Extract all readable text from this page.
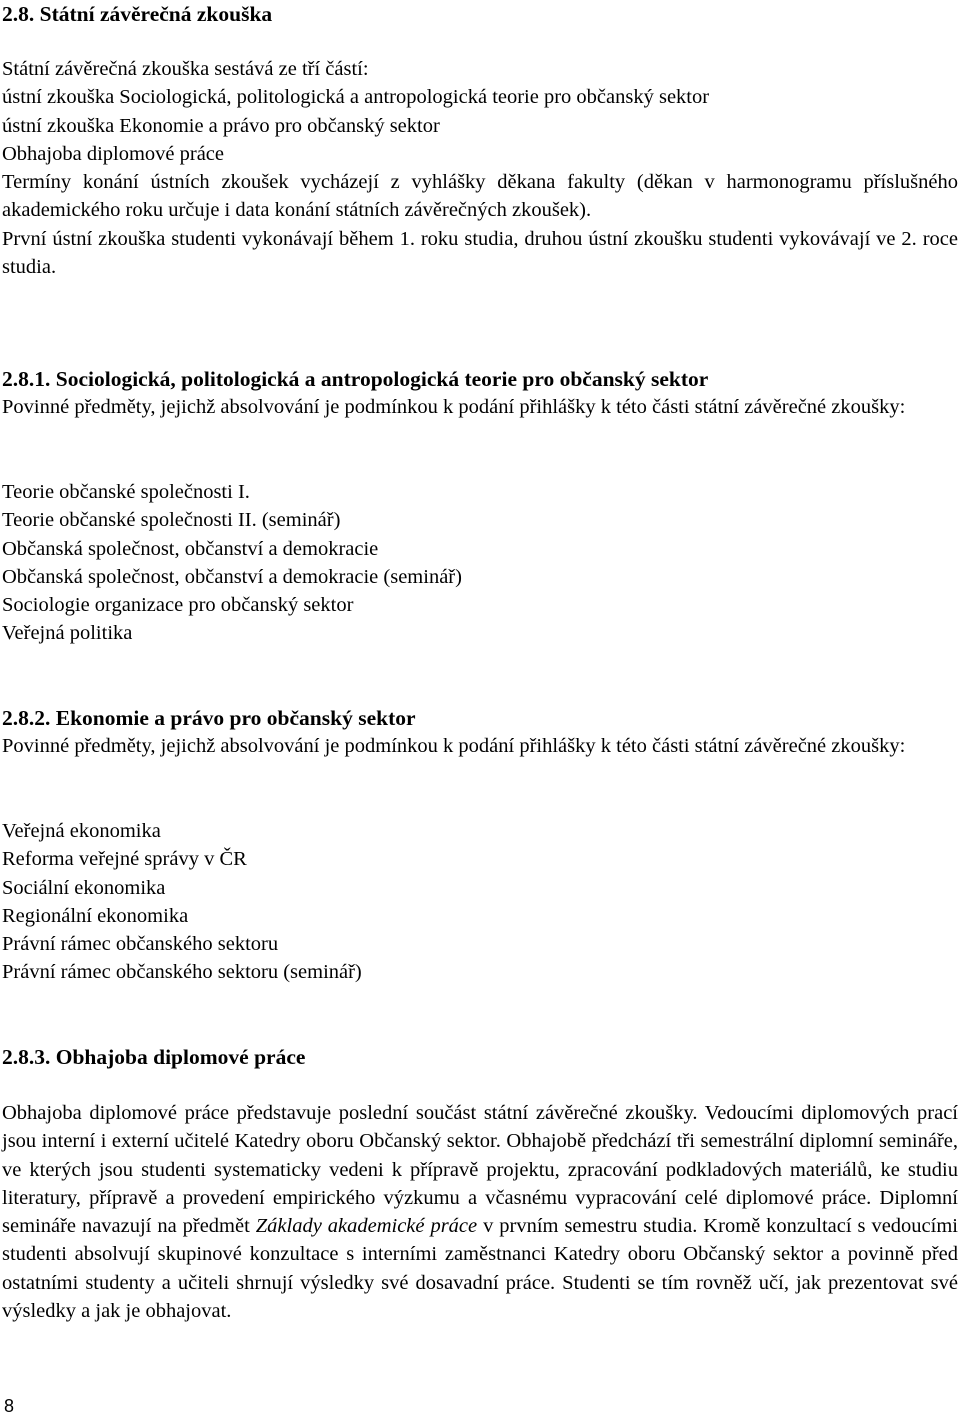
2.8. Státní závěrečná zkouška
Státní závěrečná zkouška sestává ze tří částí:
ústní zkouška Sociologická, politologická a antropologická teorie pro občanský sektor
ústní zkouška Ekonomie a právo pro občanský sektor
Obhajoba diplomové práce
Termíny konání ústních zkoušek vycházejí z vyhlášky děkana fakulty (děkan v harmonogramu příslušného akademického roku určuje i data konání státních závěrečných zkoušek).
První ústní zkouška studenti vykonávají během 1. roku studia, druhou ústní zkoušku studenti vykovávají ve 2. roce studia.
2.8.1. Sociologická, politologická a antropologická teorie pro občanský sektor
Povinné předměty, jejichž absolvování je podmínkou k podání přihlášky k této části státní závěrečné zkoušky:
Teorie občanské společnosti I.
Teorie občanské společnosti II. (seminář)
Občanská společnost, občanství a demokracie
Občanská společnost, občanství a demokracie (seminář)
Sociologie organizace pro občanský sektor
Veřejná politika
2.8.2. Ekonomie a právo pro občanský sektor
Povinné předměty, jejichž absolvování je podmínkou k podání přihlášky k této části státní závěrečné zkoušky:
Veřejná ekonomika
Reforma veřejné správy v ČR
Sociální ekonomika
Regionální ekonomika
Právní rámec občanského sektoru
Právní rámec občanského sektoru (seminář)
2.8.3. Obhajoba diplomové práce
Obhajoba diplomové práce představuje poslední součást státní závěrečné zkoušky. Vedoucími diplomových prací jsou interní i externí učitelé Katedry oboru Občanský sektor. Obhajobě předchází tři semestrální diplomní semináře, ve kterých jsou studenti systematicky vedeni k přípravě projektu, zpracování podkladových materiálů, ke studiu literatury, přípravě a provedení empirického výzkumu a včasnému vypracování celé diplomové práce. Diplomní semináře navazují na předmět Základy akademické práce v prvním semestru studia. Kromě konzultací s vedoucími studenti absolvují skupinové konzultace s interními zaměstnanci Katedry oboru Občanský sektor a povinně před ostatními studenty a učiteli shrnují výsledky své dosavadní práce. Studenti se tím rovněž učí, jak prezentovat své výsledky a jak je obhajovat.
8
